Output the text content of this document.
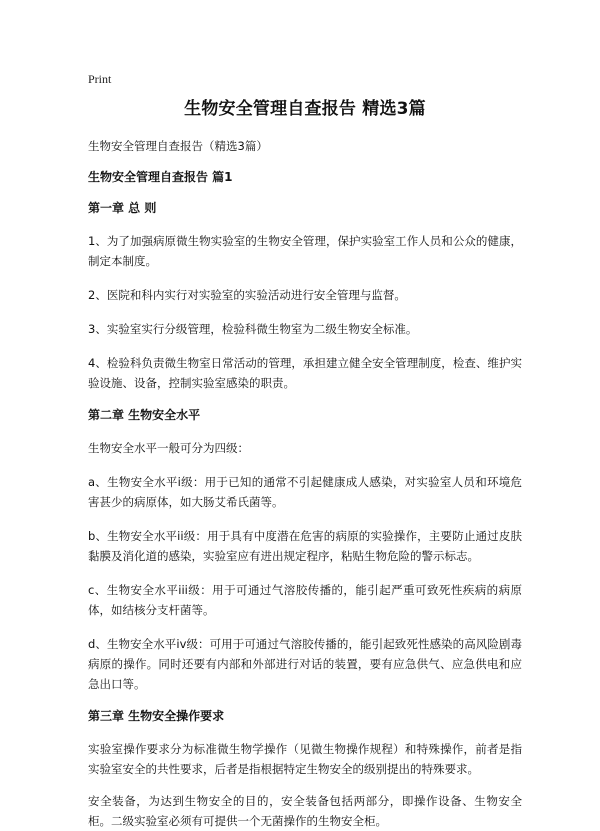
Print
生物安全管理自查报告 精选3篇
生物安全管理自查报告（精选3篇）
生物安全管理自查报告 篇1
第一章 总 则

1、为了加强病原微生物实验室的生物安全管理，保护实验室工作人员和公众的健康，制定本制度。

2、医院和科内实行对实验室的实验活动进行安全管理与监督。

3、实验室实行分级管理，检验科微生物室为二级生物安全标准。

4、检验科负责微生物室日常活动的管理，承担建立健全安全管理制度，检查、维护实验设施、设备，控制实验室感染的职责。

第二章 生物安全水平

生物安全水平一般可分为四级：

a、生物安全水平i级：用于已知的通常不引起健康成人感染，对实验室人员和环境危害甚少的病原体，如大肠艾希氏菌等。

b、生物安全水平ii级：用于具有中度潜在危害的病原的实验操作，主要防止通过皮肤黏膜及消化道的感染，实验室应有进出规定程序，粘贴生物危险的警示标志。

c、生物安全水平iii级：用于可通过气溶胶传播的，能引起严重可致死性疾病的病原体，如结核分支杆菌等。

d、生物安全水平iv级：可用于可通过气溶胶传播的，能引起致死性感染的高风险剧毒病原的操作。同时还要有内部和外部进行对话的装置，要有应急供气、应急供电和应急出口等。

第三章 生物安全操作要求

实验室操作要求分为标准微生物学操作（见微生物操作规程）和特殊操作，前者是指实验室安全的共性要求，后者是指根据特定生物安全的级别提出的特殊要求。

安全装备，为达到生物安全的目的，安全装备包括两部分，即操作设备、生物安全柜。二级实验室必须有可提供一个无菌操作的生物安全柜。
